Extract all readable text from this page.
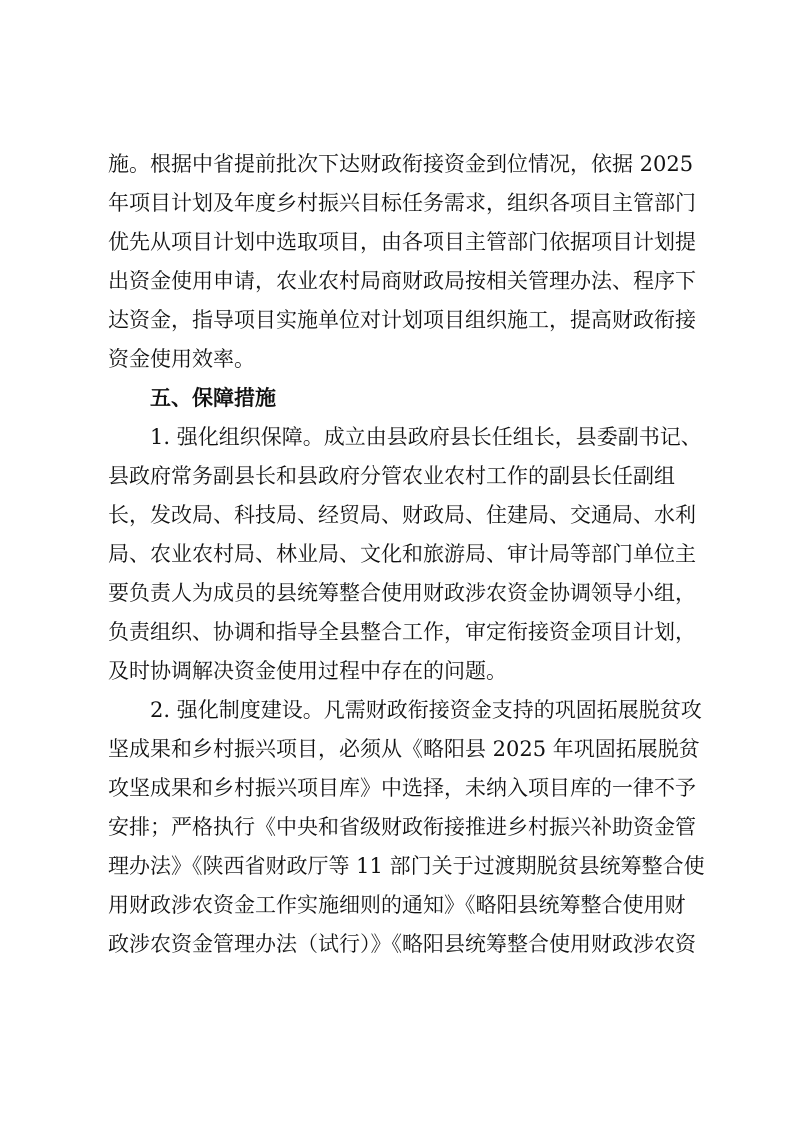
施。根据中省提前批次下达财政衔接资金到位情况，依据 2025
年项目计划及年度乡村振兴目标任务需求，组织各项目主管部门
优先从项目计划中选取项目，由各项目主管部门依据项目计划提
出资金使用申请，农业农村局商财政局按相关管理办法、程序下
达资金，指导项目实施单位对计划项目组织施工，提高财政衔接
资金使用效率。
五、保障措施
1. 强化组织保障。成立由县政府县长任组长，县委副书记、
县政府常务副县长和县政府分管农业农村工作的副县长任副组
长，发改局、科技局、经贸局、财政局、住建局、交通局、水利
局、农业农村局、林业局、文化和旅游局、审计局等部门单位主
要负责人为成员的县统筹整合使用财政涉农资金协调领导小组，
负责组织、协调和指导全县整合工作，审定衔接资金项目计划，
及时协调解决资金使用过程中存在的问题。
2. 强化制度建设。凡需财政衔接资金支持的巩固拓展脱贫攻
坚成果和乡村振兴项目，必须从《略阳县 2025 年巩固拓展脱贫
攻坚成果和乡村振兴项目库》中选择，未纳入项目库的一律不予
安排；严格执行《中央和省级财政衔接推进乡村振兴补助资金管
理办法》《陕西省财政厅等 11 部门关于过渡期脱贫县统筹整合使
用财政涉农资金工作实施细则的通知》《略阳县统筹整合使用财
政涉农资金管理办法（试行）》《略阳县统筹整合使用财政涉农资
